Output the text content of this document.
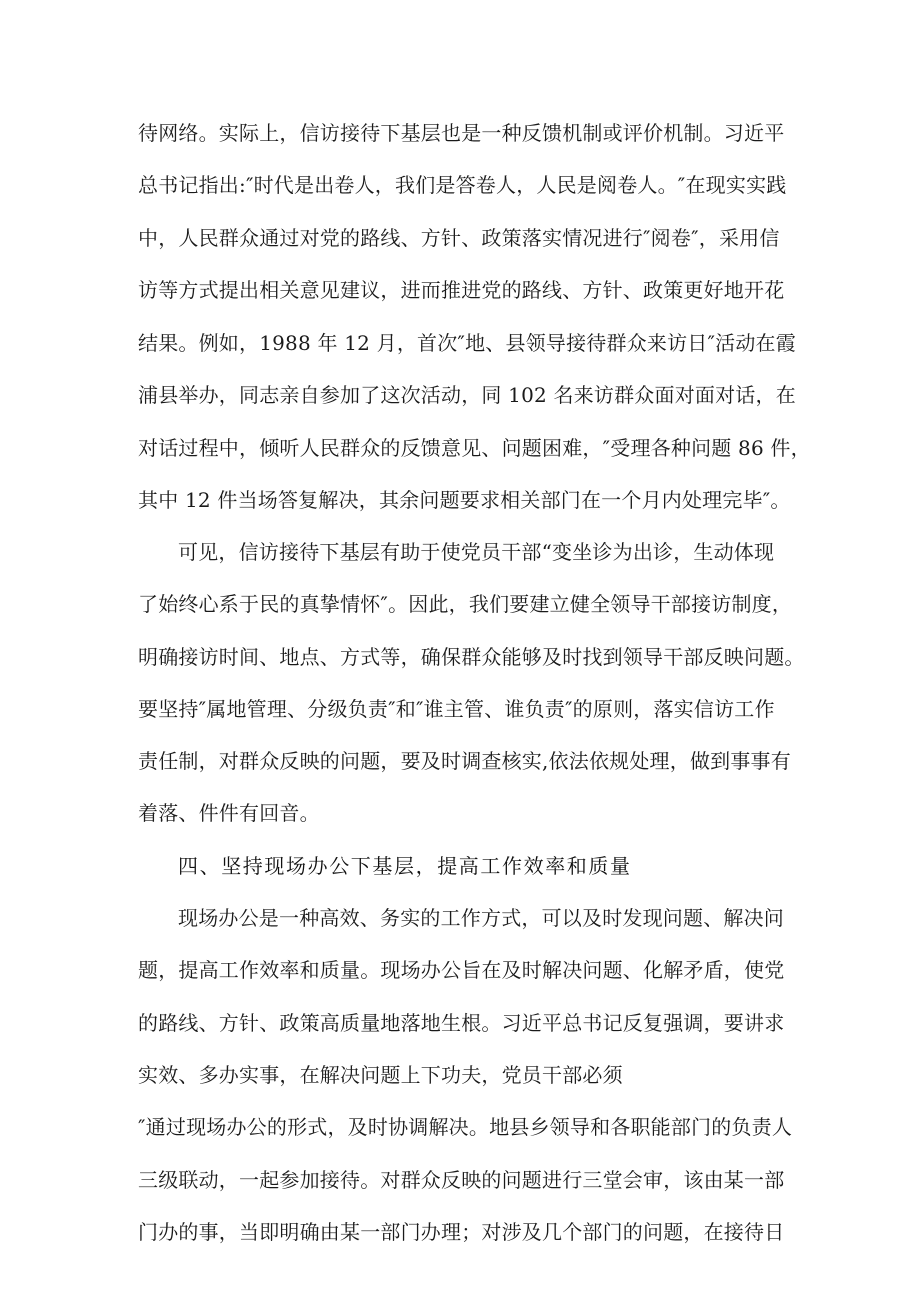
待网络。实际上，信访接待下基层也是一种反馈机制或评价机制。习近平
总书记指出:″时代是出卷人，我们是答卷人，人民是阅卷人。″在现实实践
中，人民群众通过对党的路线、方针、政策落实情况进行″阅卷″，采用信
访等方式提出相关意见建议，进而推进党的路线、方针、政策更好地开花
结果。例如，1988 年 12 月，首次″地、县领导接待群众来访日″活动在霞
浦县举办，同志亲自参加了这次活动，同 102 名来访群众面对面对话，在
对话过程中，倾听人民群众的反馈意见、问题困难，″受理各种问题 86 件，
其中 12 件当场答复解决，其余问题要求相关部门在一个月内处理完毕″。
可见，信访接待下基层有助于使党员干部“变坐诊为出诊，生动体现
了始终心系于民的真挚情怀″。因此，我们要建立健全领导干部接访制度，
明确接访时间、地点、方式等，确保群众能够及时找到领导干部反映问题。
要坚持″属地管理、分级负责″和″谁主管、谁负责″的原则，落实信访工作
责任制，对群众反映的问题，要及时调查核实,依法依规处理，做到事事有
着落、件件有回音。
四、坚持现场办公下基层，提高工作效率和质量
现场办公是一种高效、务实的工作方式，可以及时发现问题、解决问
题，提高工作效率和质量。现场办公旨在及时解决问题、化解矛盾，使党
的路线、方针、政策高质量地落地生根。习近平总书记反复强调，要讲求
实效、多办实事，在解决问题上下功夫，党员干部必须
″通过现场办公的形式，及时协调解决。地县乡领导和各职能部门的负责人
三级联动，一起参加接待。对群众反映的问题进行三堂会审，该由某一部
门办的事，当即明确由某一部门办理；对涉及几个部门的问题，在接待日
